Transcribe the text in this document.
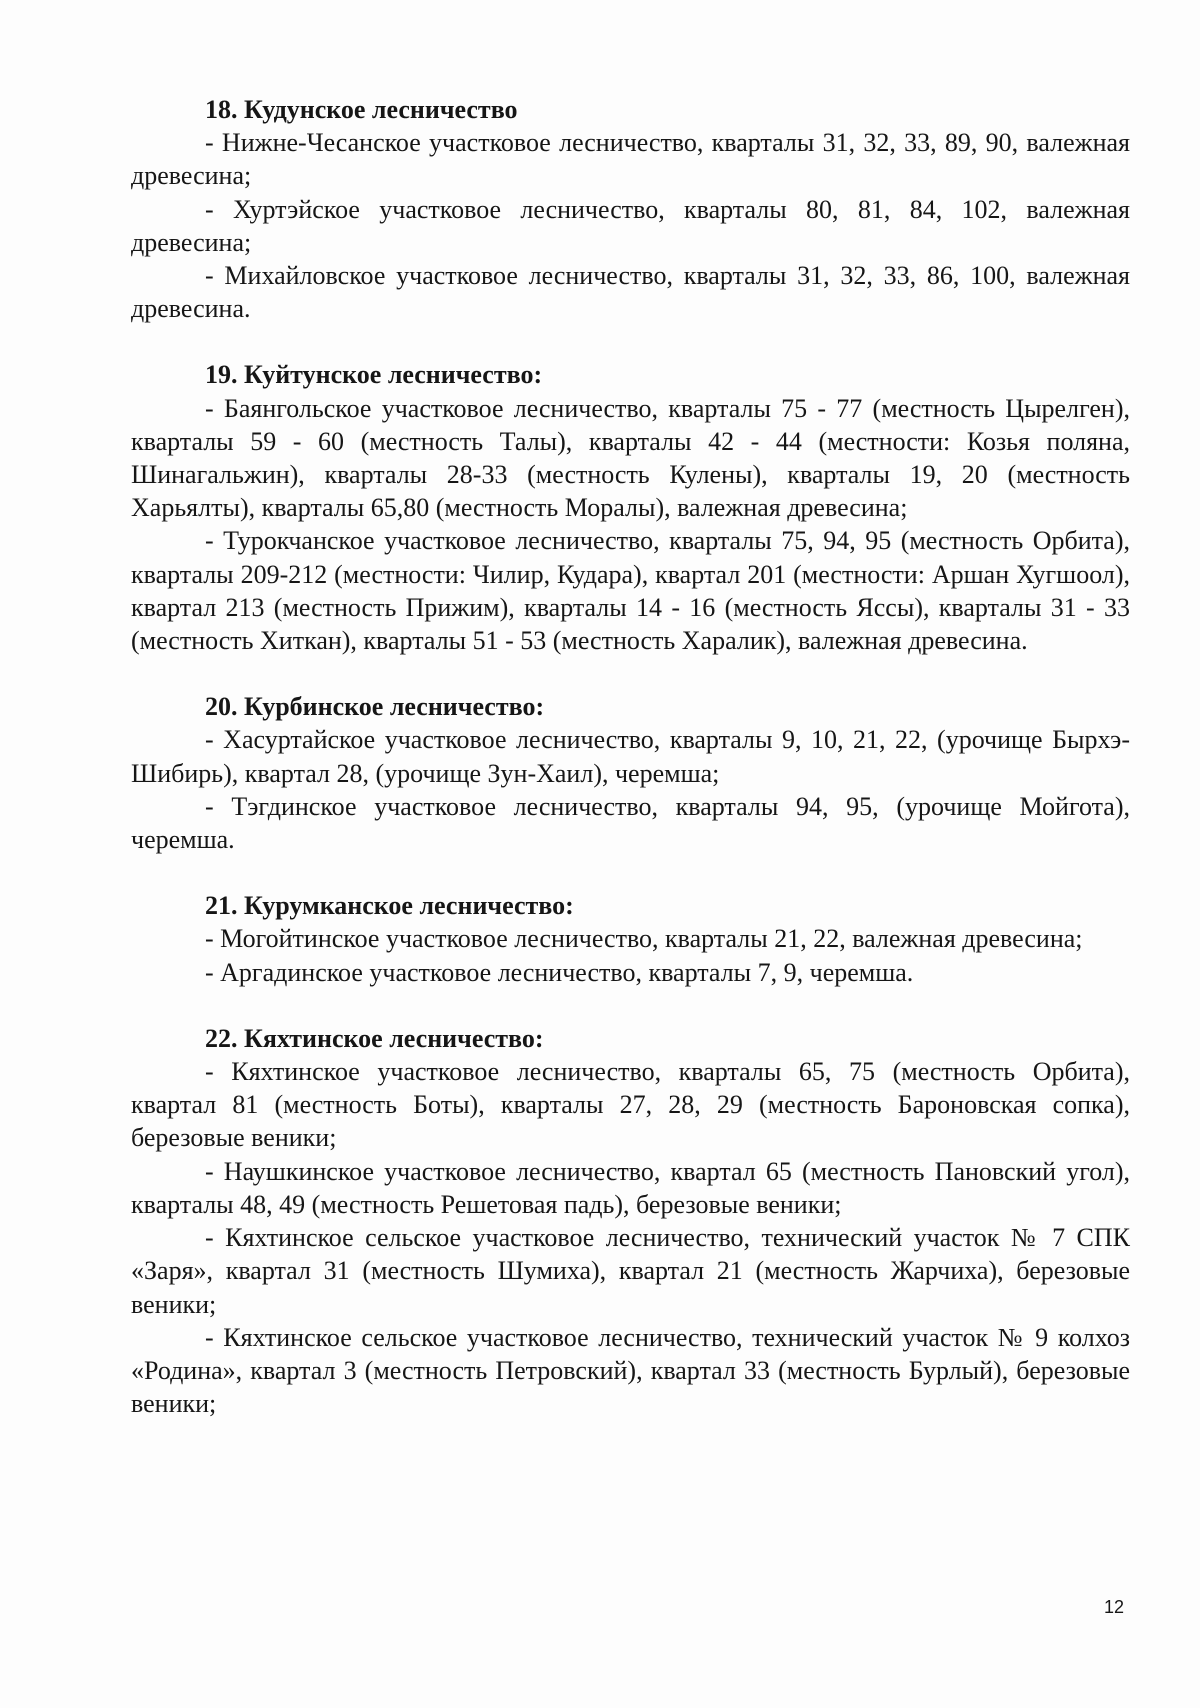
18. Кудунское лесничество

- Нижне-Чесанское участковое лесничество, кварталы 31, 32, 33, 89, 90, валежная древесина;

- Хуртэйское участковое лесничество, кварталы 80, 81, 84, 102, валежная древесина;

- Михайловское участковое лесничество, кварталы 31, 32, 33, 86, 100, валежная древесина.

19. Куйтунское лесничество:

- Баянгольское участковое лесничество, кварталы 75 - 77 (местность Цырелген), кварталы 59 - 60 (местность Талы), кварталы 42 - 44 (местности: Козья поляна, Шинагальжин), кварталы 28-33 (местность Кулены), кварталы 19, 20 (местность Харьялты), кварталы 65,80 (местность Моралы), валежная древесина;

- Турокчанское участковое лесничество, кварталы 75, 94, 95 (местность Орбита), кварталы 209-212 (местности: Чилир, Кудара), квартал 201 (местности: Аршан Хугшоол), квартал 213 (местность Прижим), кварталы 14 - 16 (местность Яссы), кварталы 31 - 33 (местность Хиткан), кварталы 51 - 53 (местность Харалик), валежная древесина.

20. Курбинское лесничество:

- Хасуртайское участковое лесничество, кварталы 9, 10, 21, 22, (урочище Бырхэ-Шибирь), квартал 28, (урочище Зун-Хаил), черемша;

- Тэгдинское участковое лесничество, кварталы 94, 95, (урочище Мойгота), черемша.

21. Курумканское лесничество:

- Могойтинское участковое лесничество, кварталы 21, 22, валежная древесина;

- Аргадинское участковое лесничество, кварталы 7, 9, черемша.

22. Кяхтинское лесничество:

- Кяхтинское участковое лесничество, кварталы 65, 75 (местность Орбита), квартал 81 (местность Боты), кварталы 27, 28, 29 (местность Бароновская сопка), березовые веники;

- Наушкинское участковое лесничество, квартал 65 (местность Пановский угол), кварталы 48, 49 (местность Решетовая падь), березовые веники;

- Кяхтинское сельское участковое лесничество, технический участок № 7 СПК «Заря», квартал 31 (местность Шумиха), квартал 21 (местность Жарчиха), березовые веники;

- Кяхтинское сельское участковое лесничество, технический участок № 9 колхоз «Родина», квартал 3 (местность Петровский), квартал 33 (местность Бурлый), березовые веники;

12
